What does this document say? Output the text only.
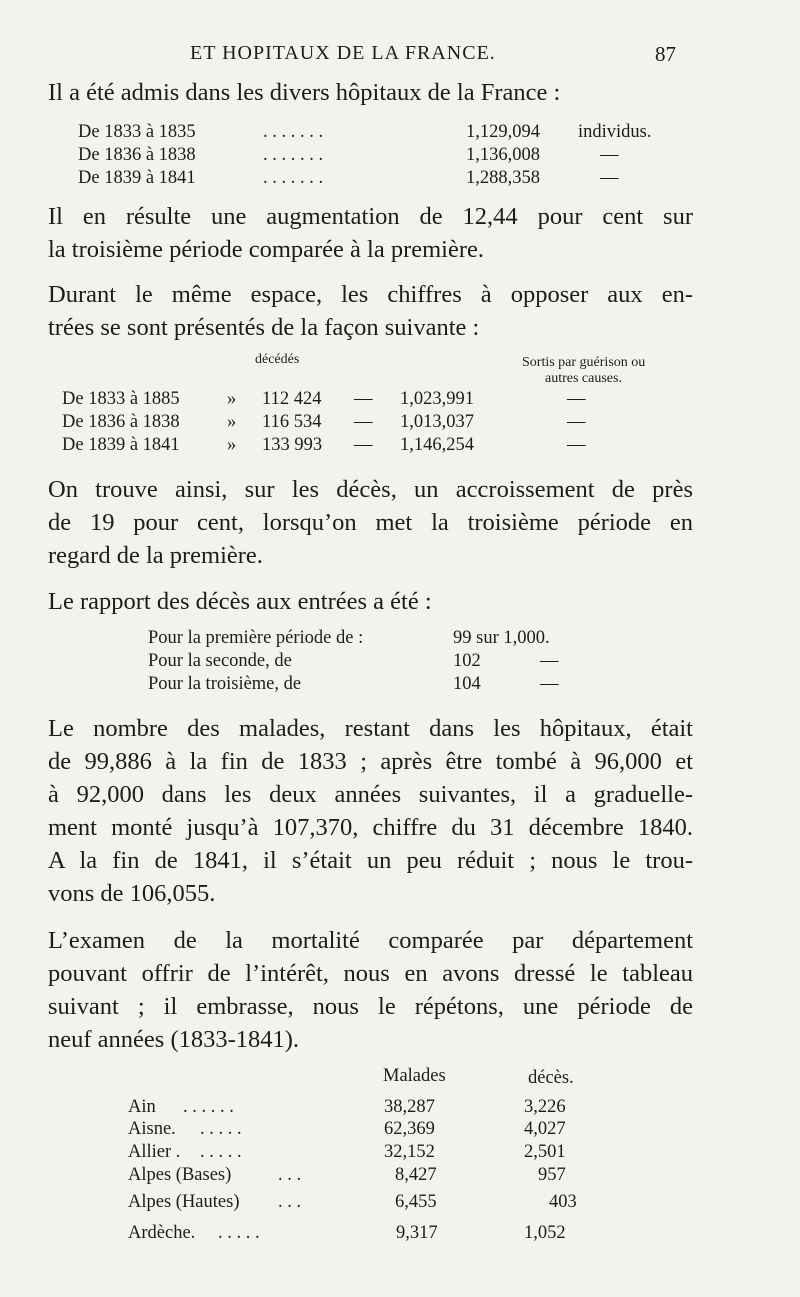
ET HOPITAUX DE LA FRANCE.	87
Il a été admis dans les divers hôpitaux de la France :
De 1833 à 1835	. . . . . . .	1,129,094 individus.
De 1836 à 1838	. . . . . . .	1,136,008	—
De 1839 à 1841	. . . . . . .	1,288,358	—
Il en résulte une augmentation de 12,44 pour cent sur
la troisième période comparée à la première.
Durant le même espace, les chiffres à opposer aux en-
trées se sont présentés de la façon suivante :
décédés	Sortis par guérison ou
autres causes.
De 1833 à 1885	» 112 424 — 1,023,991	—
De 1836 à 1838	» 116 534 — 1,013,037	—
De 1839 à 1841	» 133 993 — 1,146,254	—
On trouve ainsi, sur les décès, un accroissement de près
de 19 pour cent, lorsqu’on met la troisième période en
regard de la première.
Le rapport des décès aux entrées a été :
Pour la première période de :	99 sur 1,000.
Pour la seconde, de	102	—
Pour la troisième, de	104	—
Le nombre des malades, restant dans les hôpitaux, était
de 99,886 à la fin de 1833 ; après être tombé à 96,000 et
à 92,000 dans les deux années suivantes, il a graduelle-
ment monté jusqu’à 107,370, chiffre du 31 décembre 1840.
A la fin de 1841, il s’était un peu réduit ; nous le trou-
vons de 106,055.
L’examen de la mortalité comparée par département
pouvant offrir de l’intérêt, nous en avons dressé le tableau
suivant ; il embrasse, nous le répétons, une période de
neuf années (1833-1841).
Malades	décès.
Ain . . . . . .	38,287	3,226
Aisne. . . . . .	62,369	4,027
Allier . . . . . .	32,152	2,501
Alpes (Bases)	. . .	8,427	957
Alpes (Hautes) . . .	6,455	403
Ardèche. . . . . .	9,317	1,052
